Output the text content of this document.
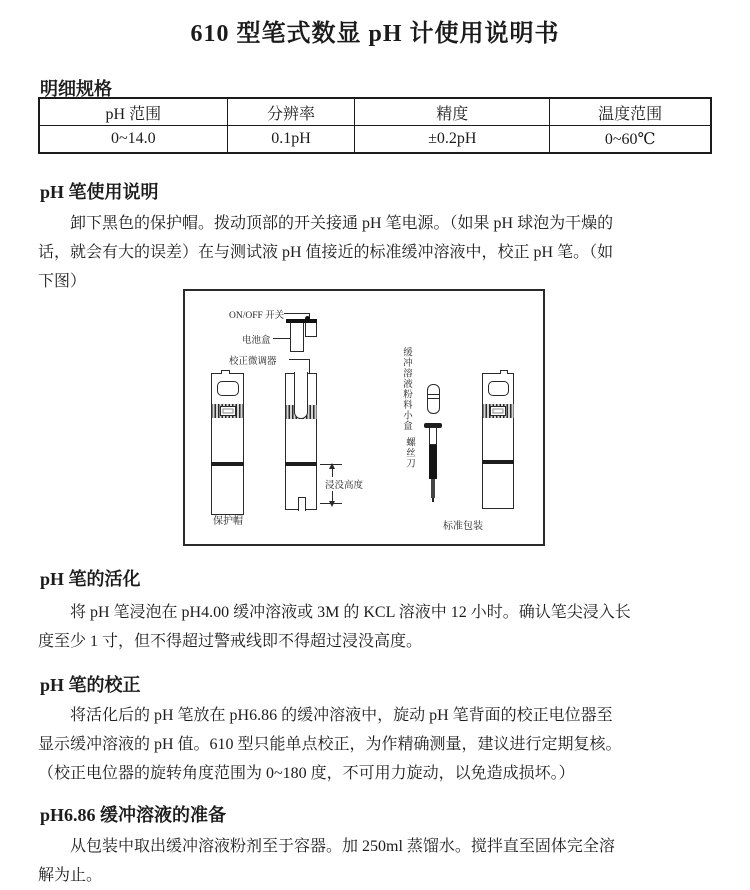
610 型笔式数显 pH 计使用说明书
明细规格
pH 范围	分辨率	精度	温度范围
0~14.0	0.1pH	±0.2pH	0~60℃
pH 笔使用说明
卸下黑色的保护帽。拨动顶部的开关接通 pH 笔电源。（如果 pH 球泡为干燥的
话，就会有大的误差）在与测试液 pH 值接近的标准缓冲溶液中，校正 pH 笔。（如
下图）
ON/OFF 开关
电池盒
校正微调器
浸没高度
缓冲溶液粉料小盒
螺丝刀
保护帽	标准包装
pH 笔的活化
将 pH 笔浸泡在 pH4.00 缓冲溶液或 3M 的 KCL 溶液中 12 小时。确认笔尖浸入长
度至少 1 寸，但不得超过警戒线即不得超过浸没高度。
pH 笔的校正
将活化后的 pH 笔放在 pH6.86 的缓冲溶液中，旋动 pH 笔背面的校正电位器至
显示缓冲溶液的 pH 值。610 型只能单点校正，为作精确测量，建议进行定期复核。
（校正电位器的旋转角度范围为 0~180 度，不可用力旋动，以免造成损坏。）
pH6.86 缓冲溶液的准备
从包装中取出缓冲溶液粉剂至于容器。加 250ml 蒸馏水。搅拌直至固体完全溶
解为止。
